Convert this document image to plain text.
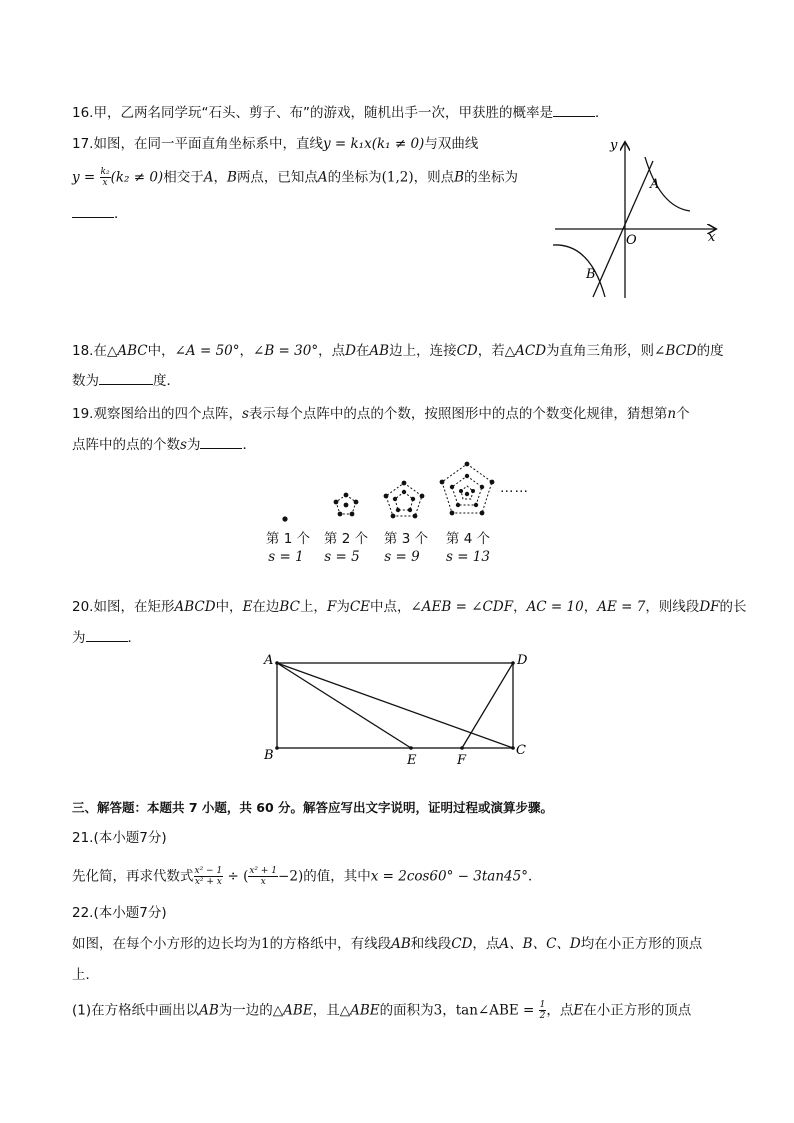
16.甲，乙两名同学玩“石头、剪子、布”的游戏，随机出手一次，甲获胜的概率是	．
17.如图，在同一平面直角坐标系中，直线y = k₁x(k₁ ≠ 0)与双曲线
$y = \frac{\text{k₂}}{x} (k_2 \ne 0)$相交于A，B两点，已知点A的坐标为(1,2)，则点B的坐标为
．
y
x
O
A
B
18.在△ABC中，∠A = 50°，∠B = 30°，点D在AB边上，连接CD，若△ACD为直角三角形，则∠BCD的度
数为	度．
19.观察图给出的四个点阵，s表示每个点阵中的点的个数，按照图形中的点的个数变化规律，猜想第n个
点阵中的点的个数s为	．
……
第 1 个 第 2 个 第 3 个 第 4 个
s = 1	s = 5	s = 9	s = 13
20.如图，在矩形ABCD中，E在边BC上，F为CE中点，∠AEB = ∠CDF，AC = 10，AE = 7，则线段DF的长
为	．
A	D
B	E	F
C
三、解答题：本题共 7 小题，共 60 分。解答应写出文字说明，证明过程或演算步骤。
21.(本小题7分)
先化简，再求代数式 $\frac{\text{x² − 1}}{\text{x² + x}}$ ÷ ( $\frac{\text{x² + 1}}{x} -2$)的值，其中x = 2cos60° − 3tan45°．
22.(本小题7分)
如图，在每个小方形的边长均为1的方格纸中，有线段AB和线段CD，点A、B、C、D均在小正方形的顶点
上．
(1)在方格纸中画出以AB为一边的△ABE，且△ABE的面积为3，tan∠ABE = $\frac{1}{2}$ ，点E在小正方形的顶点
